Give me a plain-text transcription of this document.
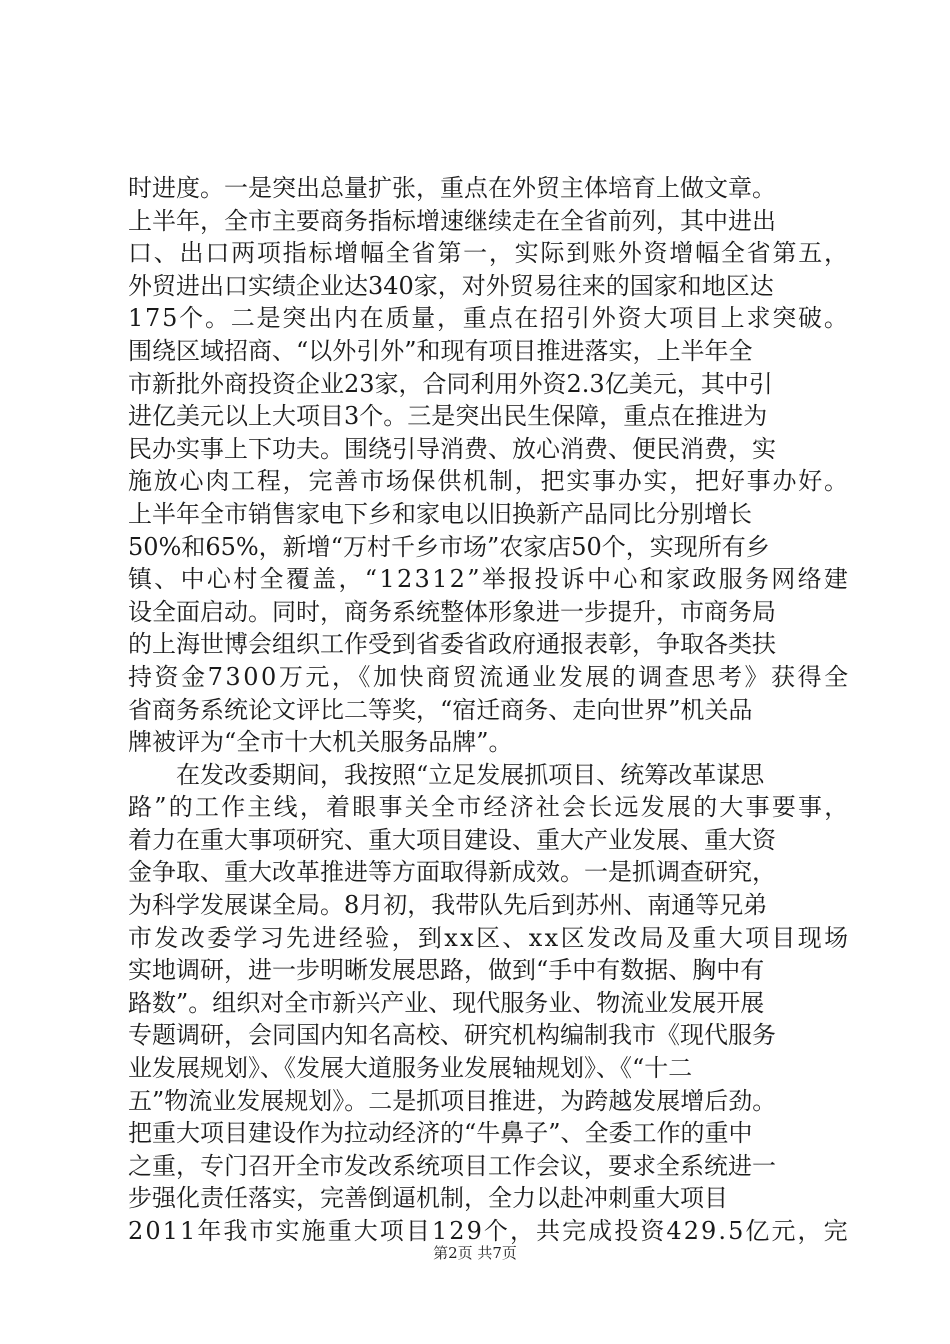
时进度。一是突出总量扩张，重点在外贸主体培育上做文章。
上半年，全市主要商务指标增速继续走在全省前列，其中进出
口、出口两项指标增幅全省第一，实际到账外资增幅全省第五，
外贸进出口实绩企业达340家，对外贸易往来的国家和地区达
175个。二是突出内在质量，重点在招引外资大项目上求突破。
围绕区域招商、“以外引外”和现有项目推进落实，上半年全
市新批外商投资企业23家，合同利用外资2.3亿美元，其中引
进亿美元以上大项目3个。三是突出民生保障，重点在推进为
民办实事上下功夫。围绕引导消费、放心消费、便民消费，实
施放心肉工程，完善市场保供机制，把实事办实，把好事办好。
上半年全市销售家电下乡和家电以旧换新产品同比分别增长
50%和65%，新增“万村千乡市场”农家店50个，实现所有乡
镇、中心村全覆盖，“12312”举报投诉中心和家政服务网络建
设全面启动。同时，商务系统整体形象进一步提升，市商务局
的上海世博会组织工作受到省委省政府通报表彰，争取各类扶
持资金7300万元，《加快商贸流通业发展的调查思考》获得全
省商务系统论文评比二等奖，“宿迁商务、走向世界”机关品
牌被评为“全市十大机关服务品牌”。
　　在发改委期间，我按照“立足发展抓项目、统筹改革谋思
路”的工作主线，着眼事关全市经济社会长远发展的大事要事，
着力在重大事项研究、重大项目建设、重大产业发展、重大资
金争取、重大改革推进等方面取得新成效。一是抓调查研究，
为科学发展谋全局。8月初，我带队先后到苏州、南通等兄弟
市发改委学习先进经验，到xx区、xx区发改局及重大项目现场
实地调研，进一步明晰发展思路，做到“手中有数据、胸中有
路数”。组织对全市新兴产业、现代服务业、物流业发展开展
专题调研，会同国内知名高校、研究机构编制我市《现代服务
业发展规划》、《发展大道服务业发展轴规划》、《“十二
五”物流业发展规划》。二是抓项目推进，为跨越发展增后劲。
把重大项目建设作为拉动经济的“牛鼻子”、全委工作的重中
之重，专门召开全市发改系统项目工作会议，要求全系统进一
步强化责任落实，完善倒逼机制，全力以赴冲刺重大项目
2011年我市实施重大项目129个，共完成投资429.5亿元，完
第2页 共7页
